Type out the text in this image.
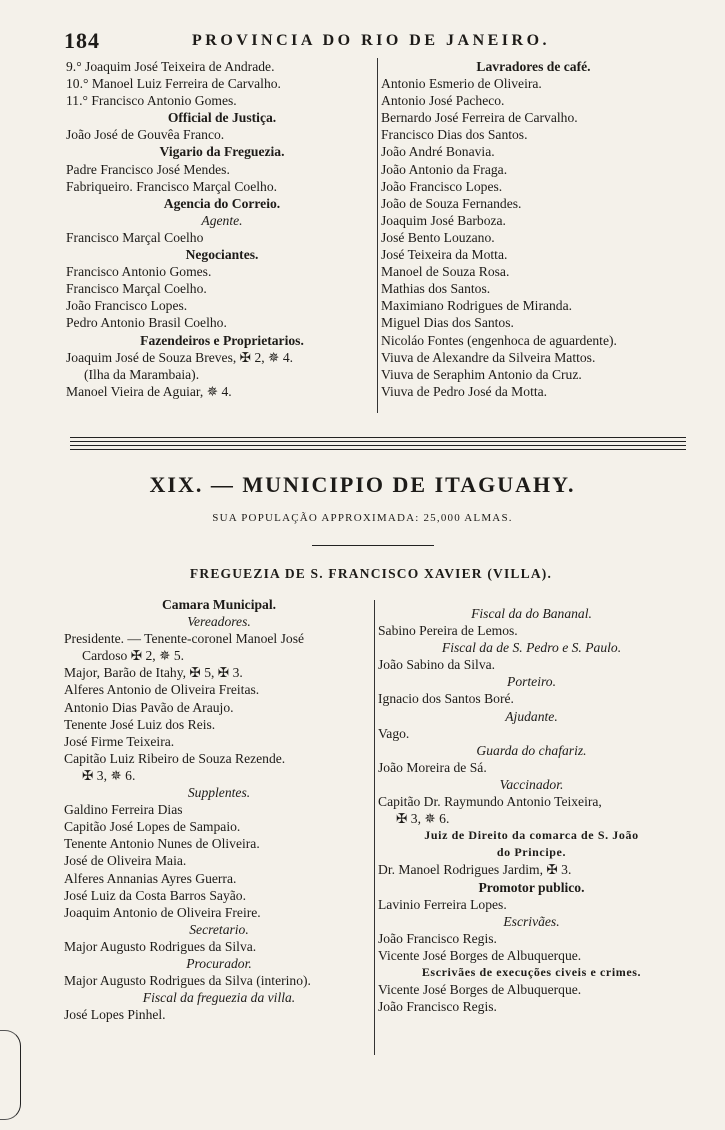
184	PROVINCIA DO RIO DE JANEIRO.
9.° Joaquim José Teixeira de Andrade.
10.° Manoel Luiz Ferreira de Carvalho.
11.° Francisco Antonio Gomes.
Official de Justiça.
João José de Gouvêa Franco.
Vigario da Freguezia.
Padre Francisco José Mendes.
Fabriqueiro. Francisco Marçal Coelho.
Agencia do Correio.
Agente.
Francisco Marçal Coelho
Negociantes.
Francisco Antonio Gomes.
Francisco Marçal Coelho.
João Francisco Lopes.
Pedro Antonio Brasil Coelho.
Fazendeiros e Proprietarios.
Joaquim José de Souza Breves, ✠ 2, ✵ 4.
(Ilha da Marambaia).
Manoel Vieira de Aguiar, ✵ 4.
Lavradores de café.
Antonio Esmerio de Oliveira.
Antonio José Pacheco.
Bernardo José Ferreira de Carvalho.
Francisco Dias dos Santos.
João André Bonavia.
João Antonio da Fraga.
João Francisco Lopes.
João de Souza Fernandes.
Joaquim José Barboza.
José Bento Louzano.
José Teixeira da Motta.
Manoel de Souza Rosa.
Mathias dos Santos.
Maximiano Rodrigues de Miranda.
Miguel Dias dos Santos.
Nicoláo Fontes (engenhoca de aguardente).
Viuva de Alexandre da Silveira Mattos.
Viuva de Seraphim Antonio da Cruz.
Viuva de Pedro José da Motta.
XIX. — MUNICIPIO DE ITAGUAHY.
SUA POPULAÇÃO APPROXIMADA: 25,000 ALMAS.
FREGUEZIA DE S. FRANCISCO XAVIER (VILLA).
Camara Municipal.
Vereadores.
Presidente. — Tenente-coronel Manoel José
Cardoso ✠ 2, ✵ 5.
Major, Barão de Itahy, ✠ 5, ✠ 3.
Alferes Antonio de Oliveira Freitas.
Antonio Dias Pavão de Araujo.
Tenente José Luiz dos Reis.
José Firme Teixeira.
Capitão Luiz Ribeiro de Souza Rezende.
✠ 3, ✵ 6.
Supplentes.
Galdino Ferreira Dias
Capitão José Lopes de Sampaio.
Tenente Antonio Nunes de Oliveira.
José de Oliveira Maia.
Alferes Annanias Ayres Guerra.
José Luiz da Costa Barros Sayão.
Joaquim Antonio de Oliveira Freire.
Secretario.
Major Augusto Rodrigues da Silva.
Procurador.
Major Augusto Rodrigues da Silva (interino).
Fiscal da freguezia da villa.
José Lopes Pinhel.
Fiscal da do Bananal.
Sabino Pereira de Lemos.
Fiscal da de S. Pedro e S. Paulo.
João Sabino da Silva.
Porteiro.
Ignacio dos Santos Boré.
Ajudante.
Vago.
Guarda do chafariz.
João Moreira de Sá.
Vaccinador.
Capitão Dr. Raymundo Antonio Teixeira,
✠ 3, ✵ 6.
Juiz de Direito da comarca de S. João
do Principe.
Dr. Manoel Rodrigues Jardim, ✠ 3.
Promotor publico.
Lavinio Ferreira Lopes.
Escrivães.
João Francisco Regis.
Vicente José Borges de Albuquerque.
Escrivães de execuções civeis e crimes.
Vicente José Borges de Albuquerque.
João Francisco Regis.
